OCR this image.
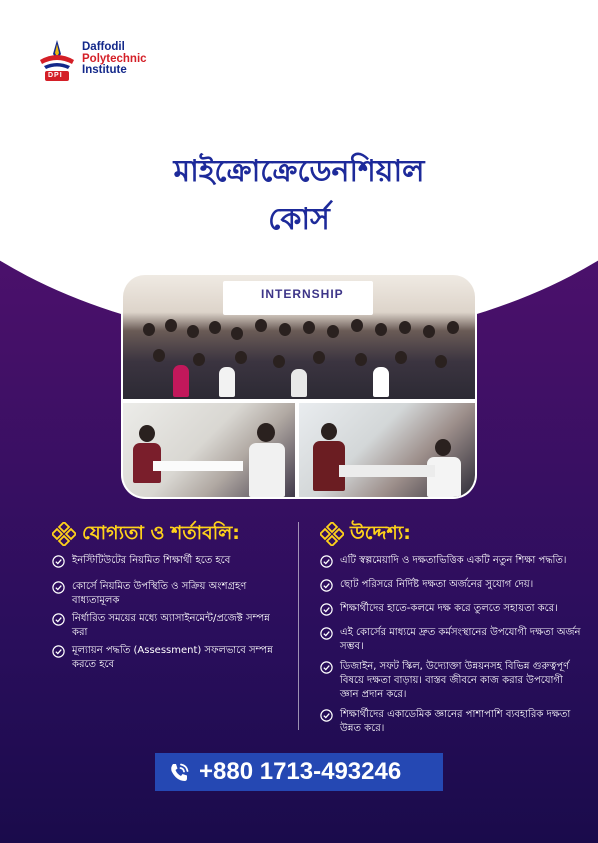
Daffodil
Polytechnic
Institute
DPI
মাইক্রোক্রেডেনশিয়াল
কোর্স
INTERNSHIP
যোগ্যতা ও শর্তাবলি:
ইনস্টিটিউটের নিয়মিত শিক্ষার্থী হতে হবে
কোর্সে নিয়মিত উপস্থিতি ও সক্রিয় অংশগ্রহণ বাধ্যতামূলক
নির্ধারিত সময়ের মধ্যে অ্যাসাইনমেন্ট/প্রজেক্ট সম্পন্ন করা
মূল্যায়ন পদ্ধতি (Assessment) সফলভাবে সম্পন্ন করতে হবে
উদ্দেশ্য:
এটি স্বল্পমেয়াদি ও দক্ষতাভিত্তিক একটি নতুন শিক্ষা পদ্ধতি।
ছোট পরিসরে নির্দিষ্ট দক্ষতা অর্জনের সুযোগ দেয়।
শিক্ষার্থীদের হাতে-কলমে দক্ষ করে তুলতে সহায়তা করে।
এই কোর্সের মাধ্যমে দ্রুত কর্মসংস্থানের উপযোগী দক্ষতা অর্জন সম্ভব।
ডিজাইন, সফট স্কিল, উদ্যোক্তা উন্নয়নসহ বিভিন্ন গুরুত্বপূর্ণ বিষয়ে দক্ষতা বাড়ায়। বাস্তব জীবনে কাজ করার উপযোগী জ্ঞান প্রদান করে।
শিক্ষার্থীদের একাডেমিক জ্ঞানের পাশাপাশি ব্যবহারিক দক্ষতা উন্নত করে।
+880 1713-493246
